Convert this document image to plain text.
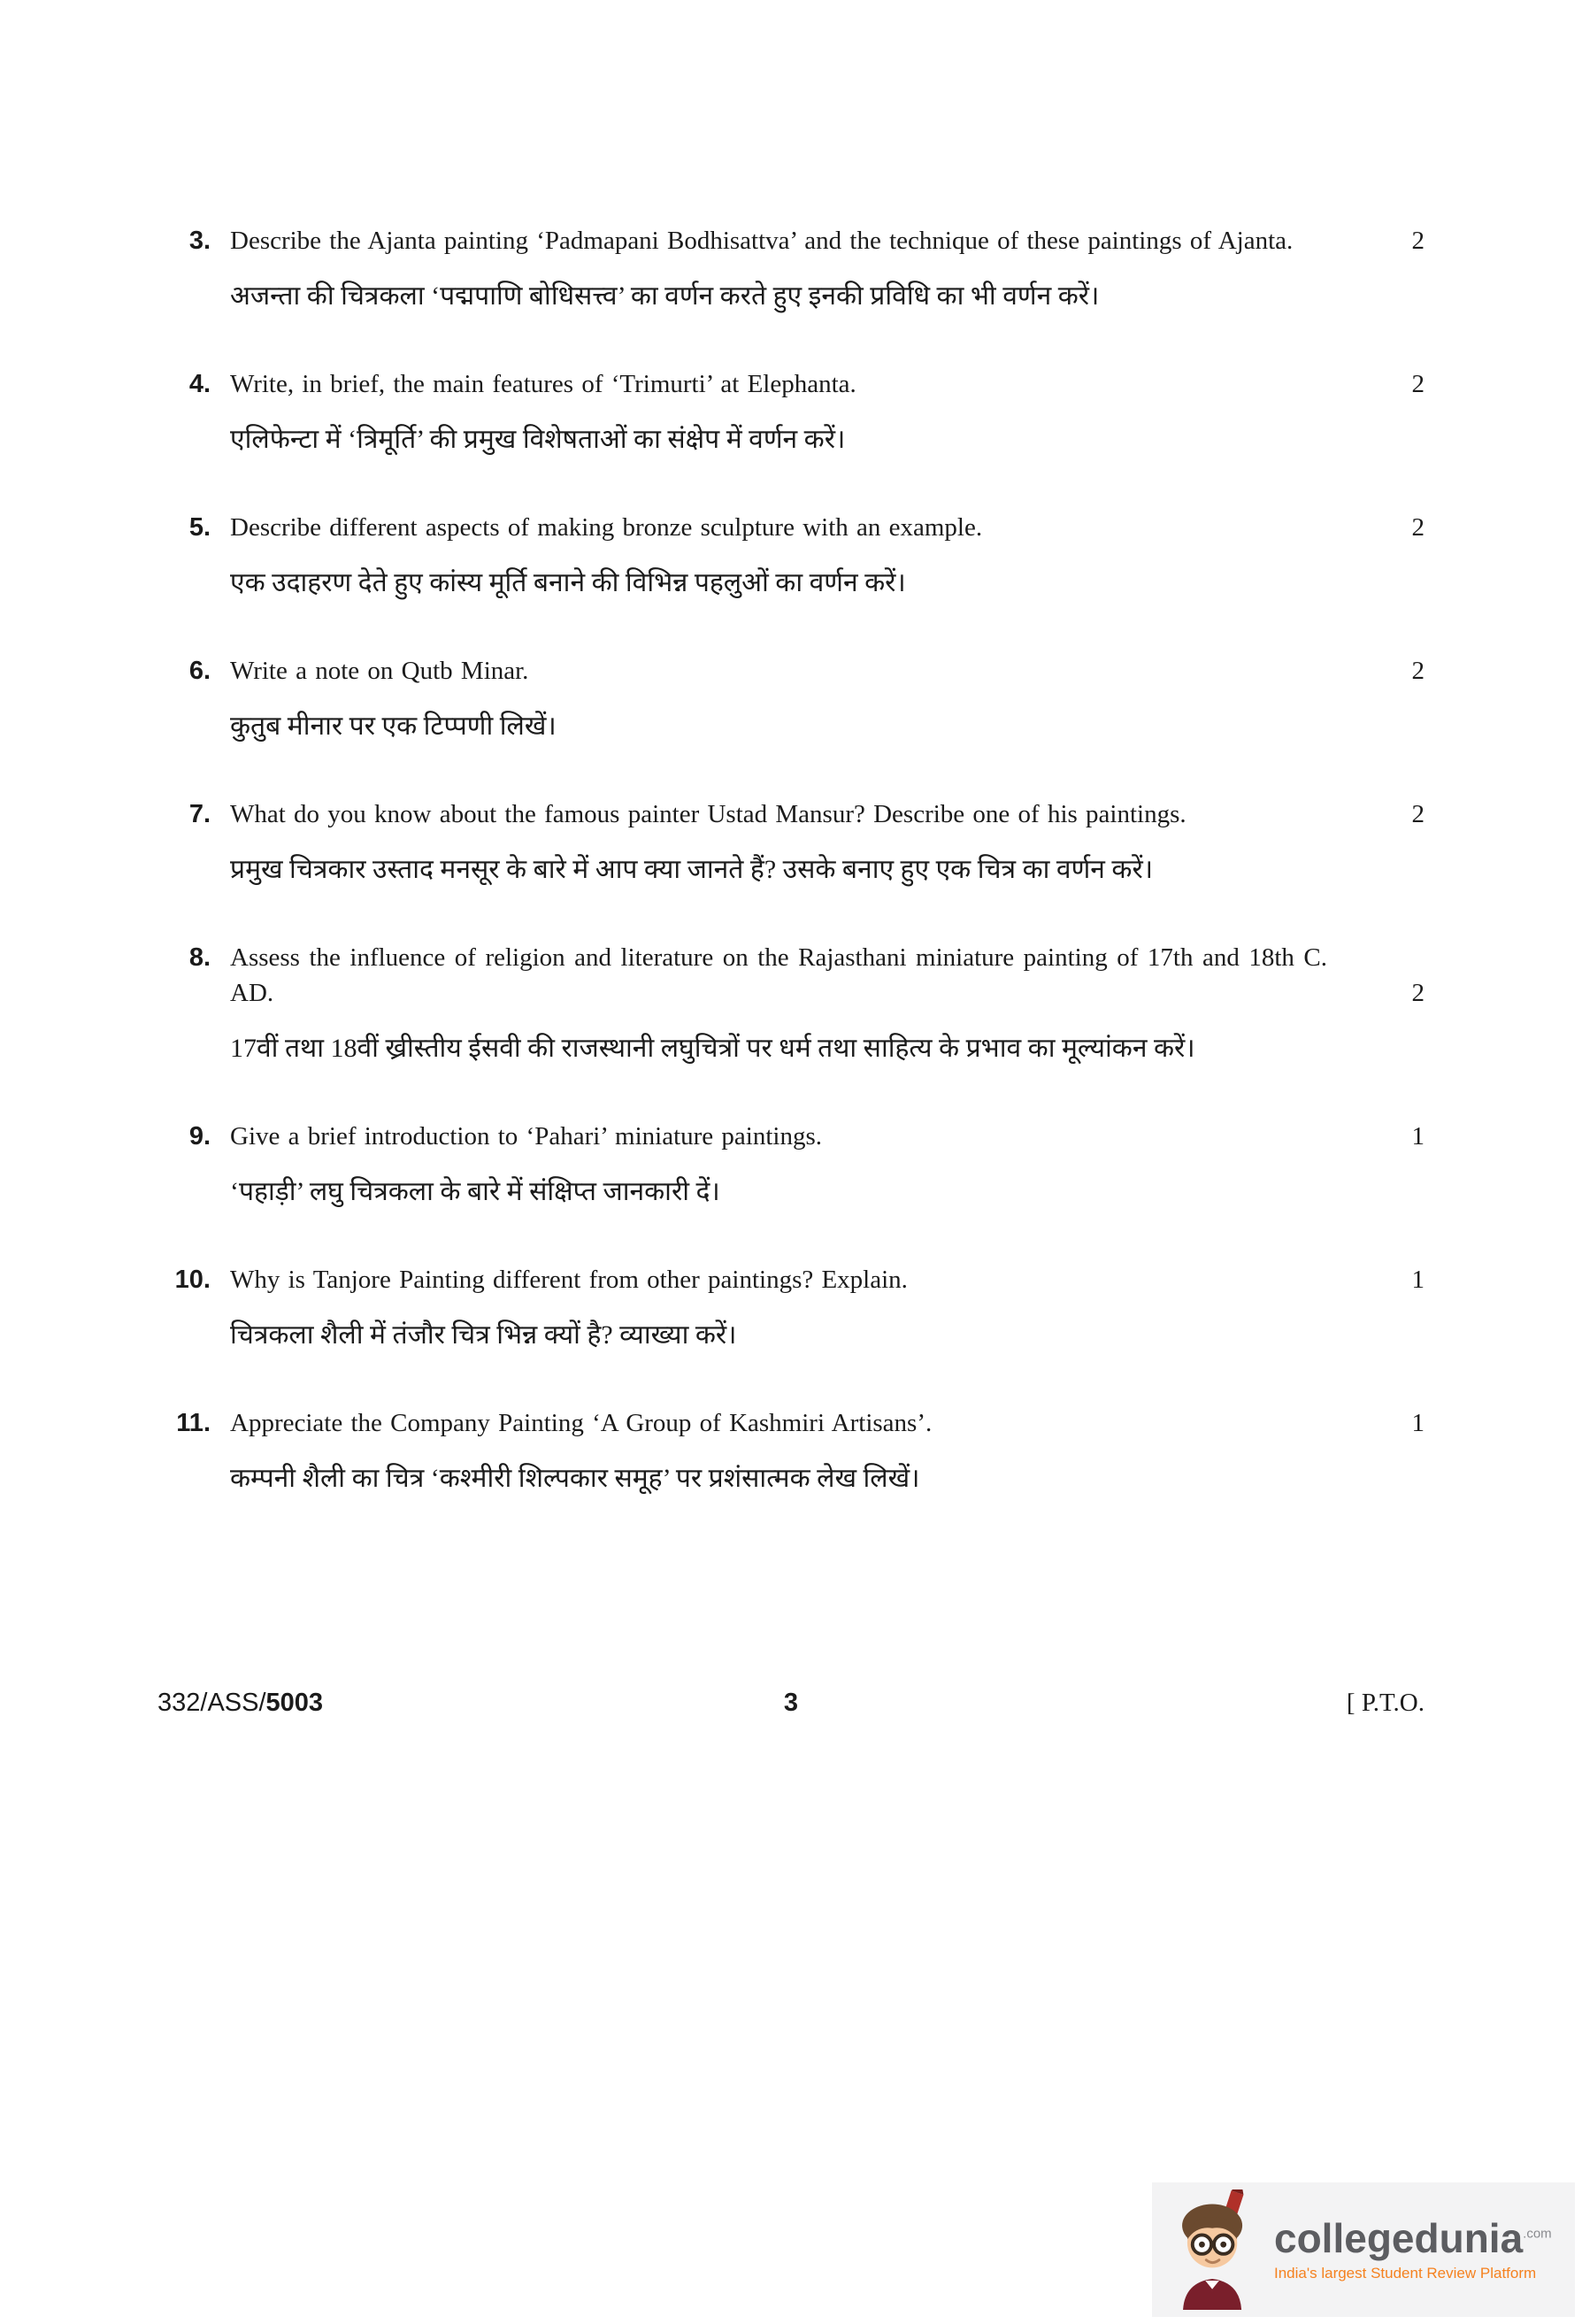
3. Describe the Ajanta painting ‘Padmapani Bodhisattva’ and the technique of these paintings of Ajanta.	2

अजन्ता की चित्रकला ‘पद्मपाणि बोधिसत्त्व’ का वर्णन करते हुए इनकी प्रविधि का भी वर्णन करें।

4. Write, in brief, the main features of ‘Trimurti’ at Elephanta.	2

एलिफेन्टा में ‘त्रिमूर्ति’ की प्रमुख विशेषताओं का संक्षेप में वर्णन करें।

5. Describe different aspects of making bronze sculpture with an example.	2

एक उदाहरण देते हुए कांस्य मूर्ति बनाने की विभिन्न पहलुओं का वर्णन करें।

6. Write a note on Qutb Minar.	2

कुतुब मीनार पर एक टिप्पणी लिखें।

7. What do you know about the famous painter Ustad Mansur? Describe one of his paintings.	2

प्रमुख चित्रकार उस्ताद मनसूर के बारे में आप क्या जानते हैं? उसके बनाए हुए एक चित्र का वर्णन करें।

8. Assess the influence of religion and literature on the Rajasthani miniature painting of 17th and 18th C. AD.	2

17वीं तथा 18वीं ख्रीस्तीय ईसवी की राजस्थानी लघुचित्रों पर धर्म तथा साहित्य के प्रभाव का मूल्यांकन करें।

9. Give a brief introduction to ‘Pahari’ miniature paintings.	1

‘पहाड़ी’ लघु चित्रकला के बारे में संक्षिप्त जानकारी दें।

10. Why is Tanjore Painting different from other paintings? Explain.	1

चित्रकला शैली में तंजौर चित्र भिन्न क्यों है? व्याख्या करें।

11. Appreciate the Company Painting ‘A Group of Kashmiri Artisans’.	1

कम्पनी शैली का चित्र ‘कश्मीरी शिल्पकार समूह’ पर प्रशंसात्मक लेख लिखें।

332/ASS/5003	3	[ P.T.O.
collegedunia$^{.com}$
India's largest Student Review Platform
